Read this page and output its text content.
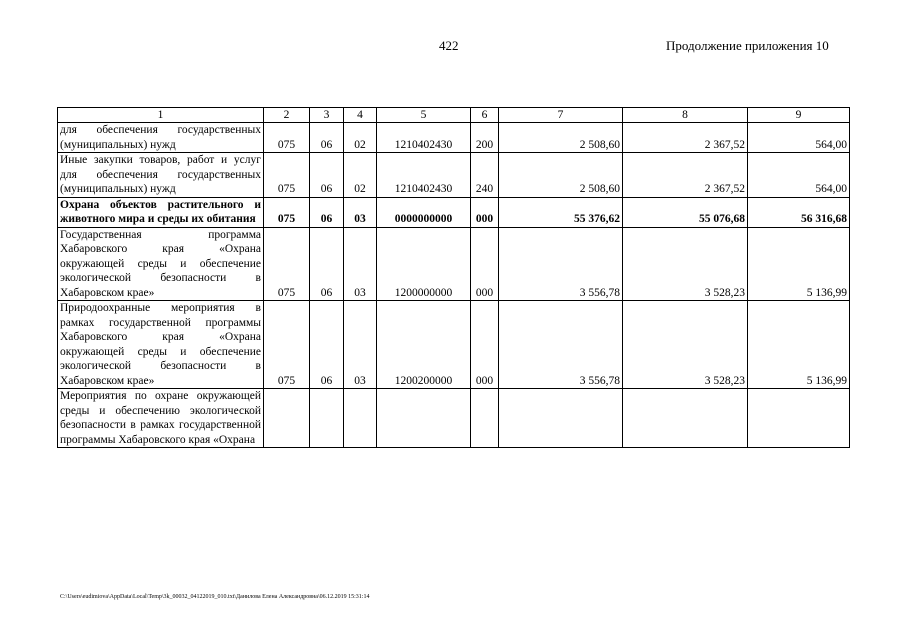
422	Продолжение приложения 10
1	2	3	4	5	6	7	8	9
для обеспечения государственных (муниципальных) нужд	075	06	02	1210402430	200	2 508,60	2 367,52	564,00
Иные закупки товаров, работ и услуг для обеспечения государственных (муниципальных) нужд	075	06	02	1210402430	240	2 508,60	2 367,52	564,00
Охрана объектов растительного и животного мира и среды их обитания	075	06	03	0000000000	000	55 376,62	55 076,68	56 316,68
Государственная программа Хабаровского края «Охрана окружающей среды и обеспечение экологической безопасности в Хабаровском крае»	075	06	03	1200000000	000	3 556,78	3 528,23	5 136,99
Природоохранные мероприятия в рамках государственной программы Хабаровского края «Охрана окружающей среды и обеспечение экологической безопасности в Хабаровском крае»	075	06	03	1200200000	000	3 556,78	3 528,23	5 136,99
Мероприятия по охране окружающей среды и обеспечению экологической безопасности в рамках государственной программы Хабаровского края «Охрана								
C:\Users\eudimiova\AppData\Local\Temp\3k_00032_04122019_010.txt\Данилова Елена Александровна\06.12.2019 15:31:14
